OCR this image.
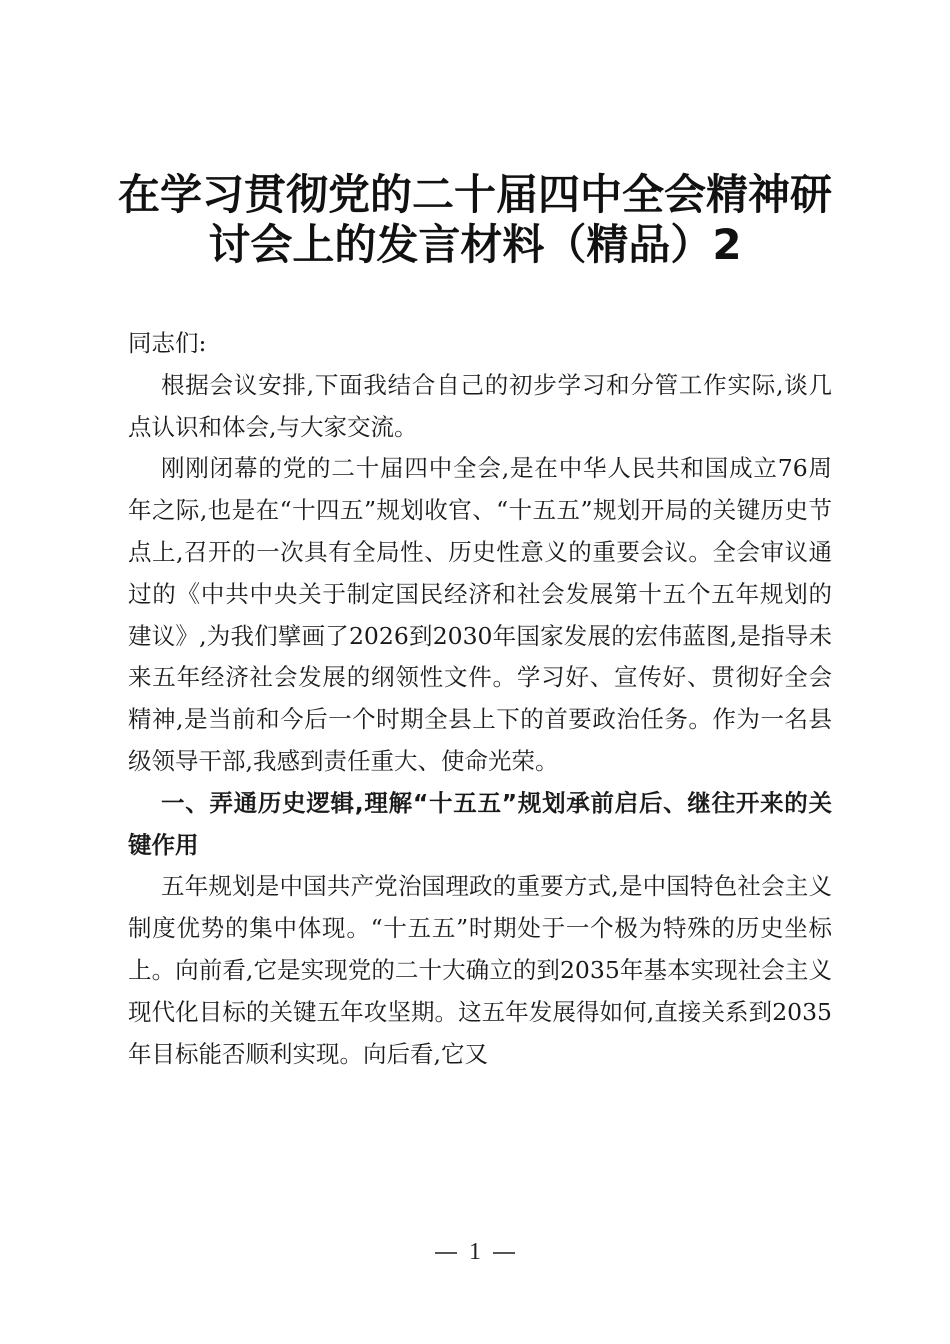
在学习贯彻党的二十届四中全会精神研
讨会上的发言材料（精品）2

同志们:

根据会议安排,下面我结合自己的初步学习和分管工作实际,谈几点认识和体会,与大家交流。

刚刚闭幕的党的二十届四中全会,是在中华人民共和国成立76周年之际,也是在“十四五”规划收官、“十五五”规划开局的关键历史节点上,召开的一次具有全局性、历史性意义的重要会议。全会审议通过的《中共中央关于制定国民经济和社会发展第十五个五年规划的建议》,为我们擘画了2026到2030年国家发展的宏伟蓝图,是指导未来五年经济社会发展的纲领性文件。学习好、宣传好、贯彻好全会精神,是当前和今后一个时期全县上下的首要政治任务。作为一名县级领导干部,我感到责任重大、使命光荣。

一、弄通历史逻辑,理解“十五五”规划承前启后、继往开来的关键作用

五年规划是中国共产党治国理政的重要方式,是中国特色社会主义制度优势的集中体现。“十五五”时期处于一个极为特殊的历史坐标上。向前看,它是实现党的二十大确立的到2035年基本实现社会主义现代化目标的关键五年攻坚期。这五年发展得如何,直接关系到2035年目标能否顺利实现。向后看,它又

1
